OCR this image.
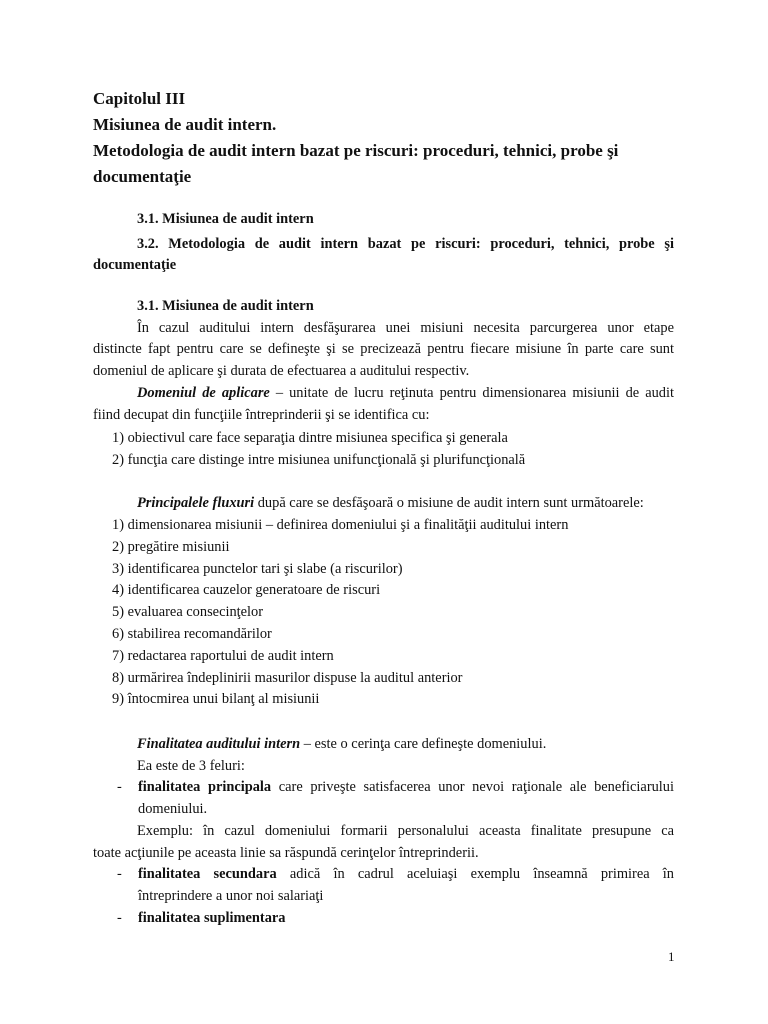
Capitolul III
Misiunea de audit intern.
Metodologia de audit intern bazat pe riscuri: proceduri, tehnici, probe şi
documentaţie
3.1. Misiunea de audit intern
3.2. Metodologia de audit intern bazat pe riscuri: proceduri, tehnici, probe şi
documentaţie
3.1. Misiunea de audit intern
În cazul auditului intern desfăşurarea unei misiuni necesita parcurgerea unor etape
distincte fapt pentru care se defineşte şi se precizează pentru fiecare misiune în parte care sunt
domeniul de aplicare şi durata de efectuarea a auditului respectiv.
Domeniul de aplicare – unitate de lucru reţinuta pentru dimensionarea misiunii de audit
fiind decupat din funcţiile întreprinderii şi se identifica cu:
1) obiectivul care face separaţia dintre misiunea specifica şi generala
2) funcţia care distinge intre misiunea unifuncţională şi plurifuncţională
Principalele fluxuri după care se desfăşoară o misiune de audit intern sunt următoarele:
1) dimensionarea misiunii – definirea domeniului şi a finalităţii auditului intern
2) pregătire misiunii
3) identificarea punctelor tari şi slabe (a riscurilor)
4) identificarea cauzelor generatoare de riscuri
5) evaluarea consecinţelor
6) stabilirea recomandărilor
7) redactarea raportului de audit intern
8) urmărirea îndeplinirii masurilor dispuse la auditul anterior
9) întocmirea unui bilanţ al misiunii
Finalitatea auditului intern – este o cerinţa care defineşte domeniului.
Ea este de 3 feluri:
- finalitatea principala care priveşte satisfacerea unor nevoi raţionale ale beneficiarului
domeniului.
Exemplu: în cazul domeniului formarii personalului aceasta finalitate presupune ca
toate acţiunile pe aceasta linie sa răspundă cerinţelor întreprinderii.
- finalitatea secundara adică în cadrul aceluiaşi exemplu înseamnă primirea în
întreprindere a unor noi salariaţi
- finalitatea suplimentara
1
